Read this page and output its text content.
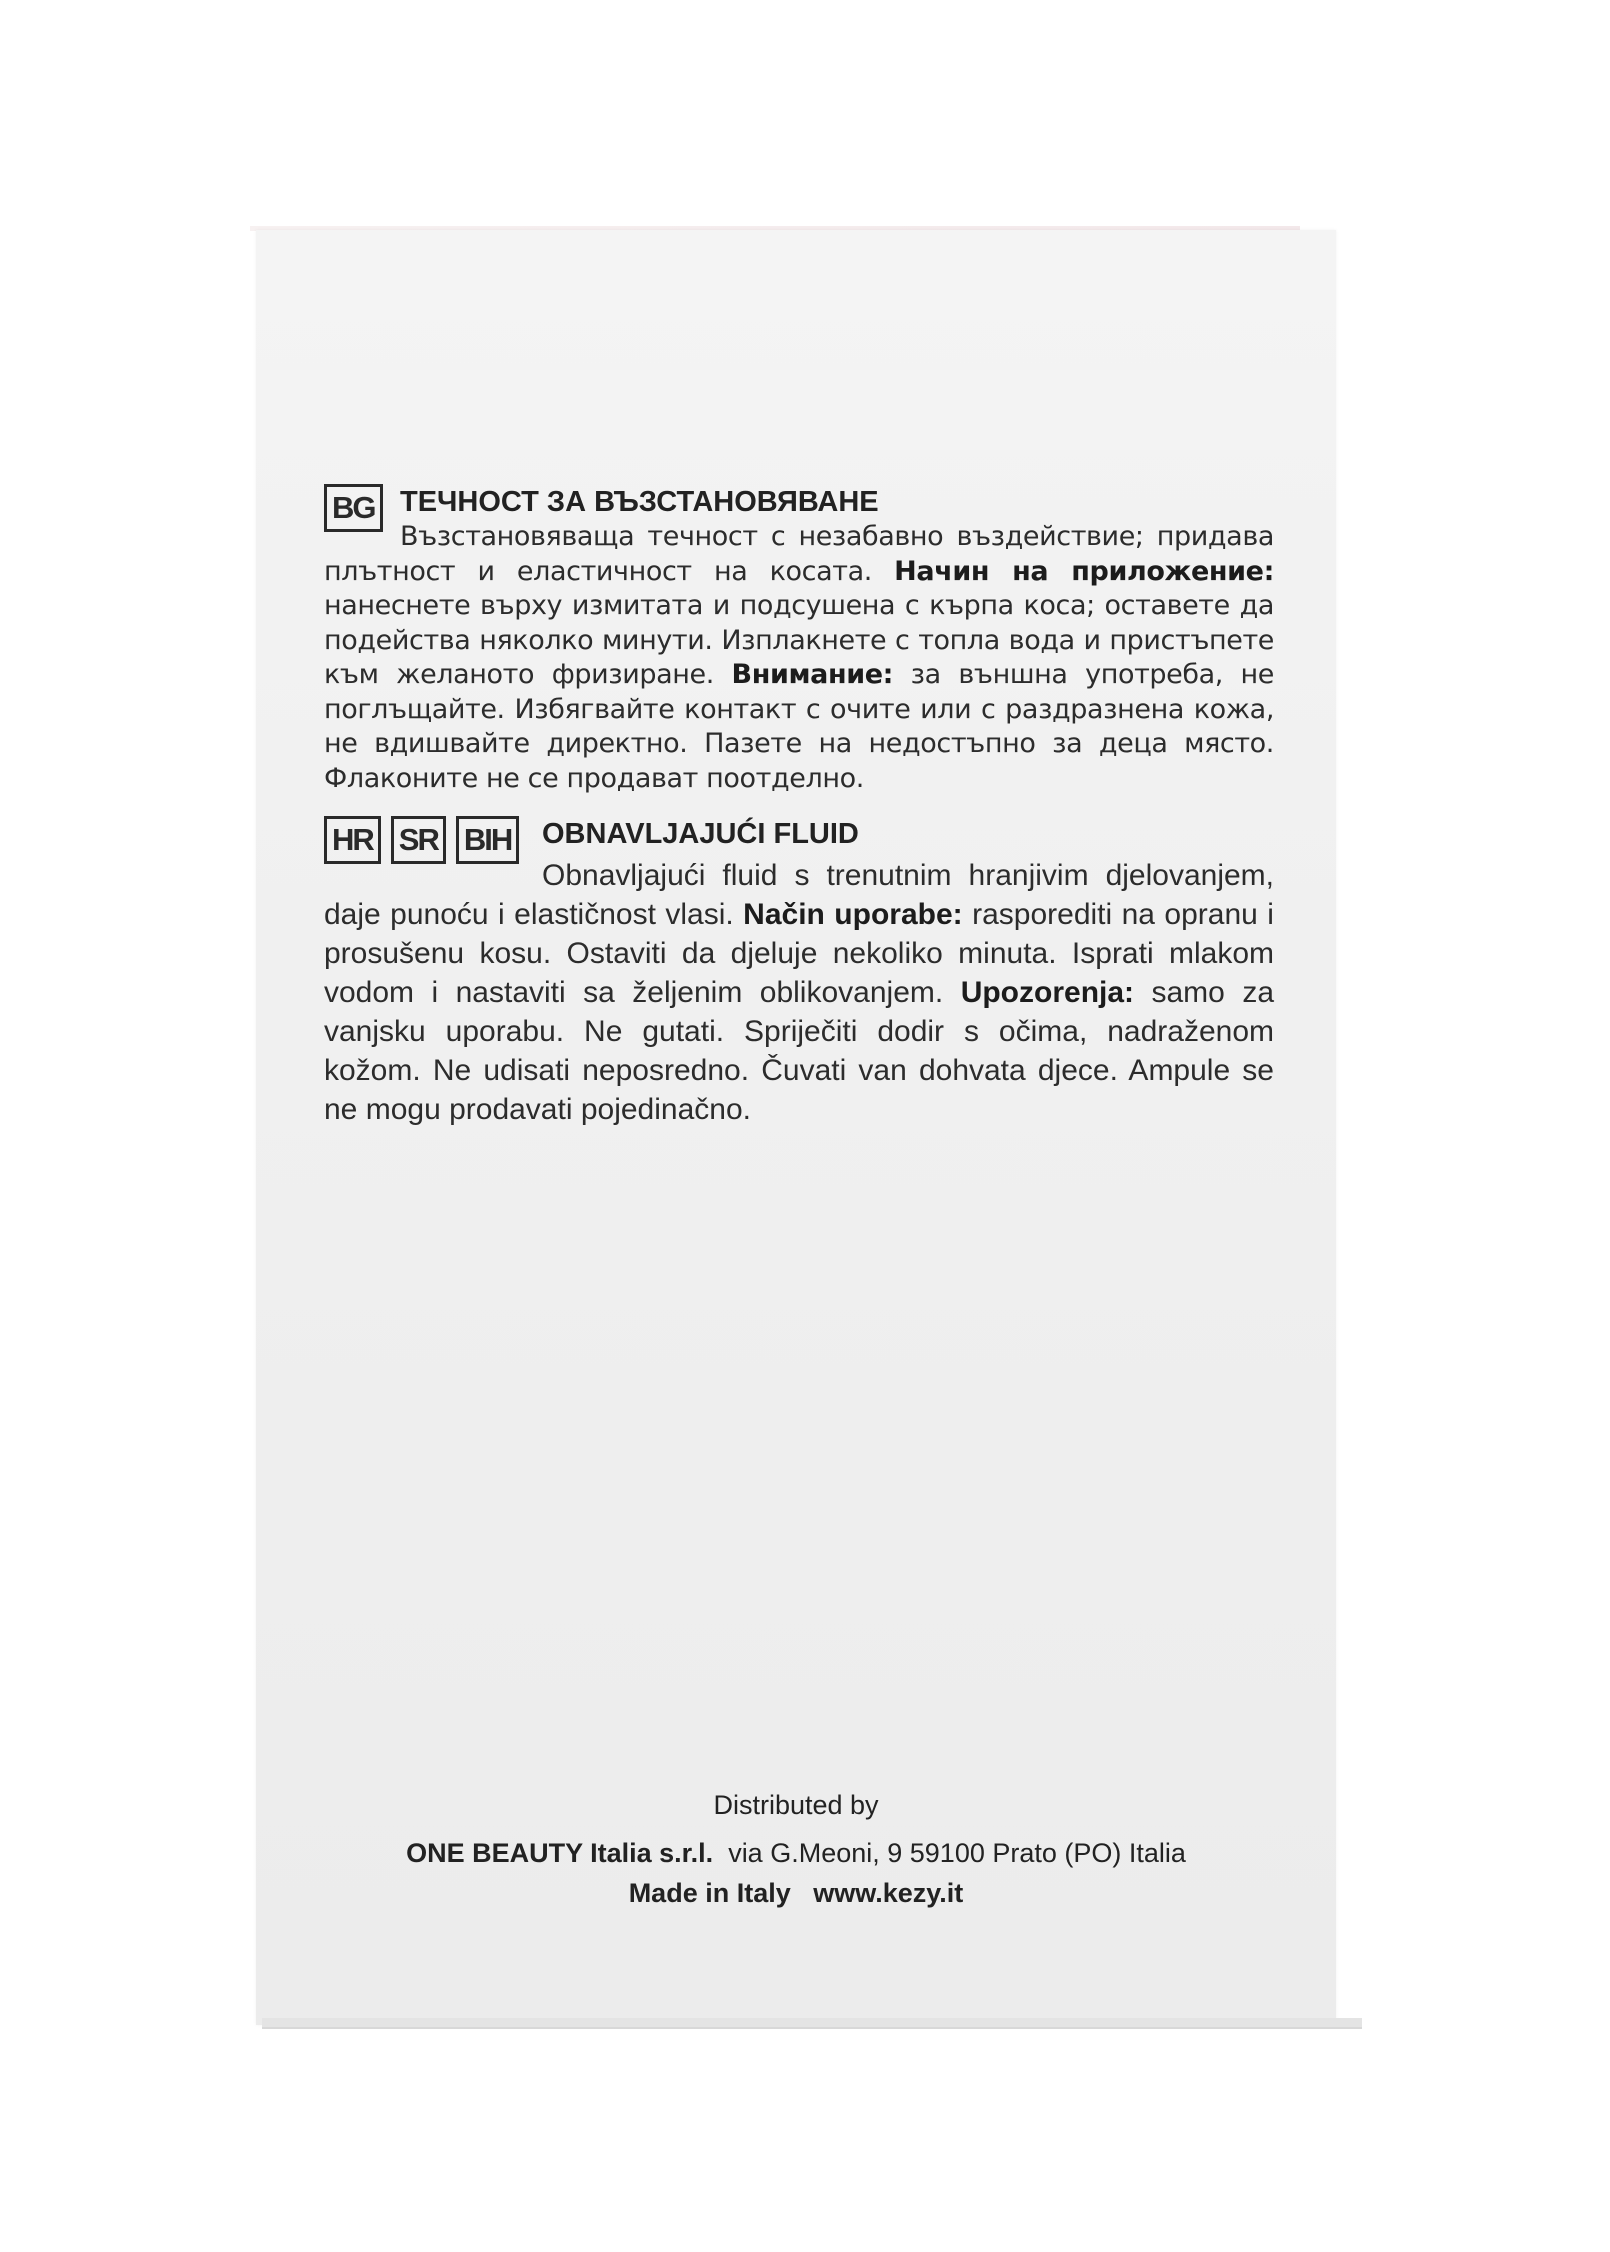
BG ТЕЧНОСТ ЗА ВЪЗСТАНОВЯВАНЕ
Възстановяваща течност с незабавно въздействие; придава плътност и еластичност на косата. Начин на приложение: нанеснете върху измитата и подсушена с кърпа коса; оставете да подейства няколко минути. Изплакнете с топла вода и пристъпете към желаното фризиране. Внимание: за външна употреба, не поглъщайте. Избягвайте контакт с очите или с раздразнена кожа, не вдишвайте директно. Пазете на недостъпно за деца място. Флаконите не се продават поотделно.
HR SR BIH OBNAVLJAJUĆI FLUID
Obnavljajući fluid s trenutnim hranjivim djelovanjem, daje punoću i elastičnost vlasi. Način uporabe: rasporediti na opranu i prosušenu kosu. Ostaviti da djeluje nekoliko minuta. Isprati mlakom vodom i nastaviti sa željenim oblikovanjem. Upozorenja: samo za vanjsku uporabu. Ne gutati. Spriječiti dodir s očima, nadraženom kožom. Ne udisati neposredno. Čuvati van dohvata djece. Ampule se ne mogu prodavati pojedinačno.
Distributed by
ONE BEAUTY Italia s.r.l. via G.Meoni, 9 59100 Prato (PO) Italia
Made in Italy www.kezy.it
